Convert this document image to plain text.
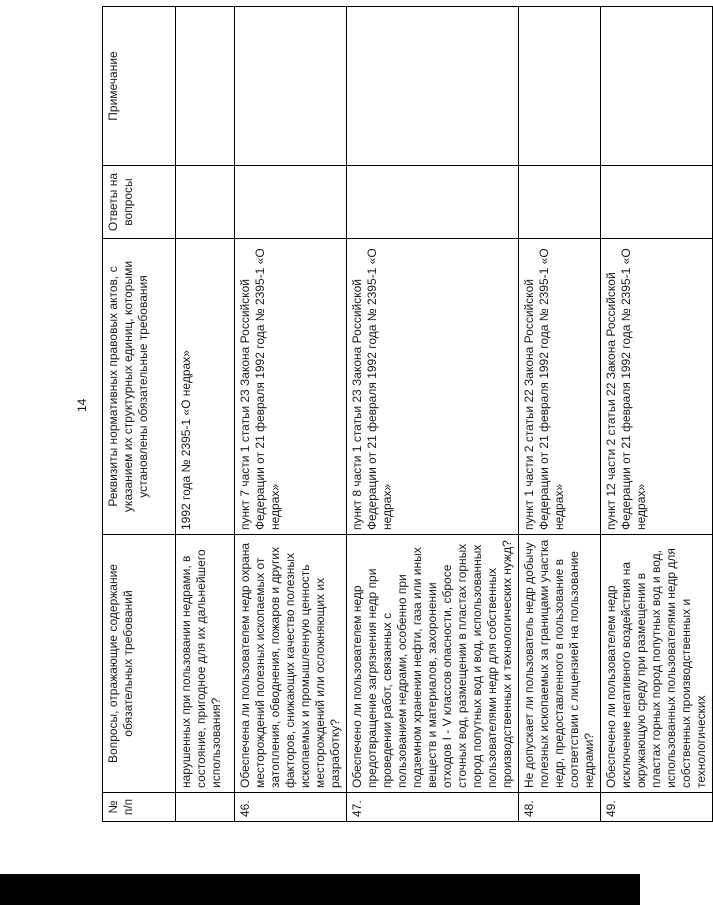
14
№ п/п	Вопросы, отражающие содержание обязательных требований	Реквизиты нормативных правовых актов, с указанием их структурных единиц, которыми установлены обязательные требования	Ответы на вопросы	Примечание
	нарушенных при пользовании недрами, в состояние, пригодное для их дальнейшего использования?	1992 года № 2395-1 «О недрах»		
46.	Обеспечена ли пользователем недр охрана месторождений полезных ископаемых от затопления, обводнения, пожаров и других факторов, снижающих качество полезных ископаемых и промышленную ценность месторождений или осложняющих их разработку?	пункт 7 части 1 статьи 23 Закона Российской Федерации от 21 февраля 1992 года № 2395-1 «О недрах»		
47.	Обеспечено ли пользователем недр предотвращение загрязнения недр при проведении работ, связанных с пользованием недрами, особенно при подземном хранении нефти, газа или иных веществ и материалов, захоронении отходов I - V классов опасности, сбросе сточных вод, размещении в пластах горных пород попутных вод и вод, использованных пользователями недр для собственных производственных и технологических нужд?	пункт 8 части 1 статьи 23 Закона Российской Федерации от 21 февраля 1992 года № 2395-1 «О недрах»		
48.	Не допускает ли пользователь недр добычу полезных ископаемых за границами участка недр, предоставленного в пользование в соответствии с лицензией на пользование недрами?	пункт 1 части 2 статьи 22 Закона Российской Федерации от 21 февраля 1992 года № 2395-1 «О недрах»		
49.	Обеспечено ли пользователем недр исключение негативного воздействия на окружающую среду при размещении в пластах горных пород попутных вод и вод, использованных пользователями недр для собственных производственных и технологических	пункт 12 части 2 статьи 22 Закона Российской Федерации от 21 февраля 1992 года № 2395-1 «О недрах»		
